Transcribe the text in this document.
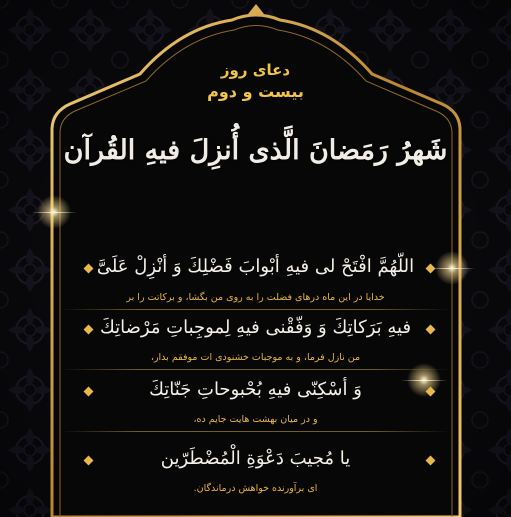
دعای روز
بیست و دوم
شَهرُ رَمَضانَ الَّذی أُنزِلَ فیهِ القُرآن
اللّهُمَّ افْتَحْ لی فیهِ أبْوابَ فَضْلِكَ وَ أنْزِلْ عَلَیَّ
خدایا در این ماه درهای فضلت را به روی من بگشا، و برکاتت را بر
فیهِ بَرَكاتِكَ وَ وَفّقْنی فیهِ لِموجِباتِ مَرْضاتِكَ
من نازل فرما، و به موجبات خشنودی ات موفقم بدار،
وَ أسْكِنّی فیهِ بُحْبوحاتِ جَنّاتِكَ
و در میان بهشت هایت جایم ده،
یا مُجیبَ دَعْوَةِ الْمُضْطَرّین
ای برآورنده خواهش درماندگان.
